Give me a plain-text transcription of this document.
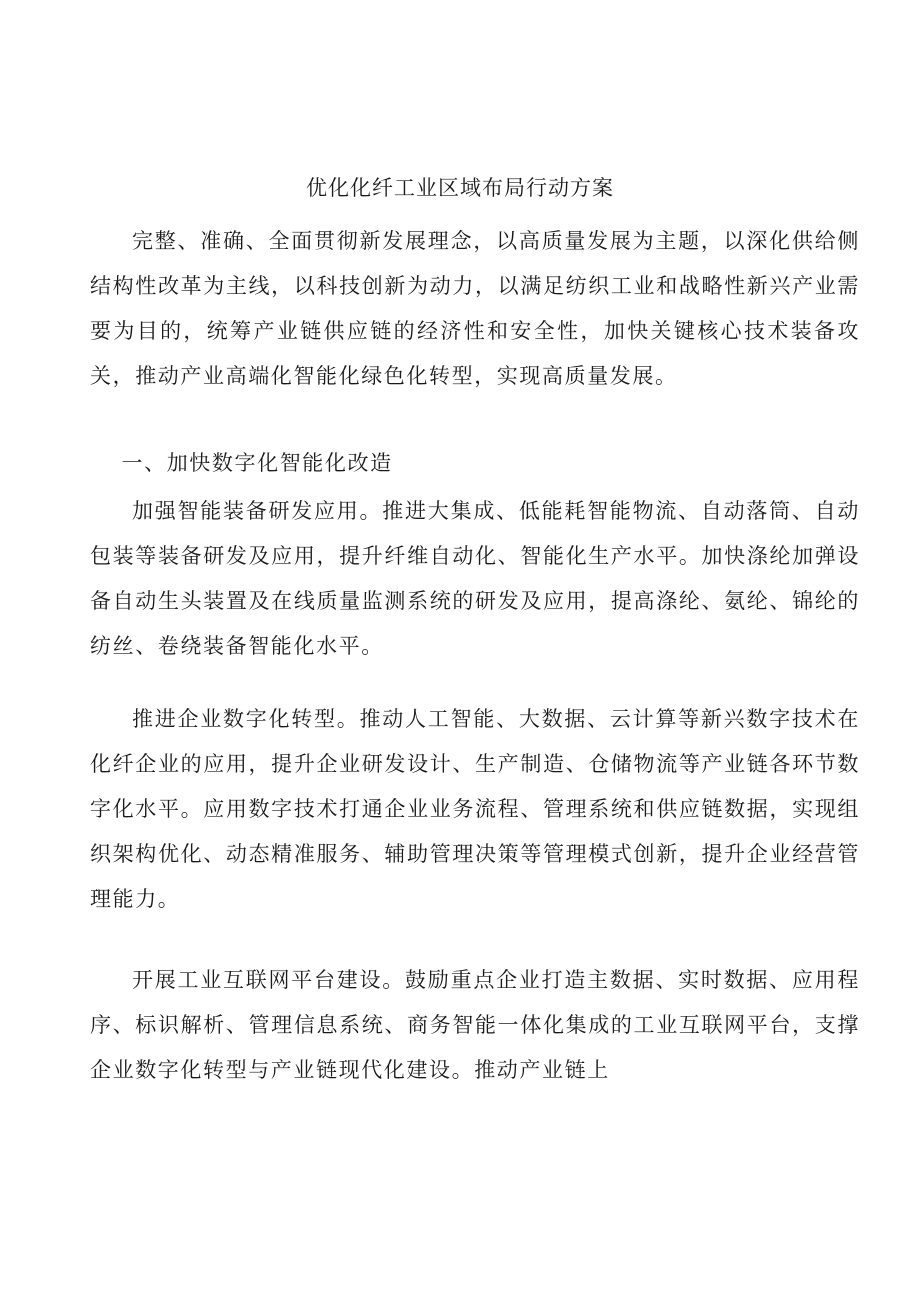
优化化纤工业区域布局行动方案

完整、准确、全面贯彻新发展理念，以高质量发展为主题，以深化供给侧结构性改革为主线，以科技创新为动力，以满足纺织工业和战略性新兴产业需要为目的，统筹产业链供应链的经济性和安全性，加快关键核心技术装备攻关，推动产业高端化智能化绿色化转型，实现高质量发展。

一、加快数字化智能化改造

加强智能装备研发应用。推进大集成、低能耗智能物流、自动落筒、自动包装等装备研发及应用，提升纤维自动化、智能化生产水平。加快涤纶加弹设备自动生头装置及在线质量监测系统的研发及应用，提高涤纶、氨纶、锦纶的纺丝、卷绕装备智能化水平。

推进企业数字化转型。推动人工智能、大数据、云计算等新兴数字技术在化纤企业的应用，提升企业研发设计、生产制造、仓储物流等产业链各环节数字化水平。应用数字技术打通企业业务流程、管理系统和供应链数据，实现组织架构优化、动态精准服务、辅助管理决策等管理模式创新，提升企业经营管理能力。

开展工业互联网平台建设。鼓励重点企业打造主数据、实时数据、应用程序、标识解析、管理信息系统、商务智能一体化集成的工业互联网平台，支撑企业数字化转型与产业链现代化建设。推动产业链上
